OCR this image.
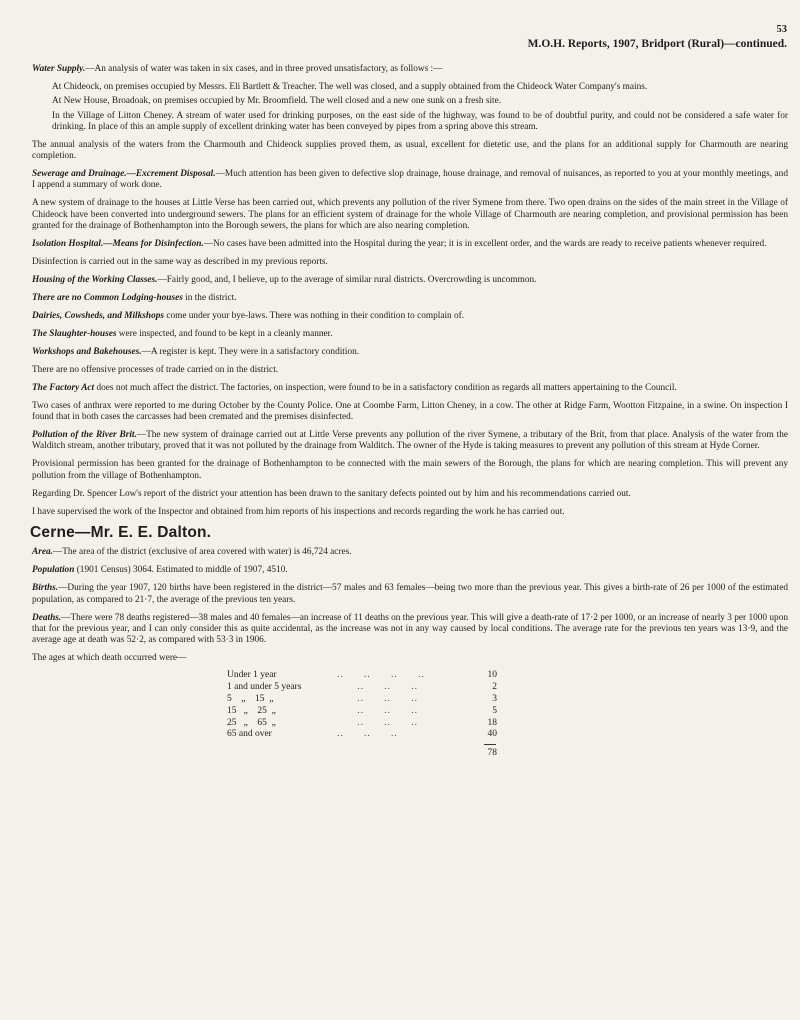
53
M.O.H. Reports, 1907, Bridport (Rural)—continued.

Water Supply.—An analysis of water was taken in six cases, and in three proved unsatisfactory, as follows :—

At Chideock, on premises occupied by Messrs. Eli Bartlett & Treacher. The well was closed, and a supply obtained from the Chideock Water Company's mains.

At New House, Broadoak, on premises occupied by Mr. Broomfield. The well closed and a new one sunk on a fresh site.

In the Village of Litton Cheney. A stream of water used for drinking purposes, on the east side of the highway, was found to be of doubtful purity, and could not be considered a safe water for drinking. In place of this an ample supply of excellent drinking water has been conveyed by pipes from a spring above this stream.

The annual analysis of the waters from the Charmouth and Chideock supplies proved them, as usual, excellent for dietetic use, and the plans for an additional supply for Charmouth are nearing completion.

Sewerage and Drainage.—Excrement Disposal.—Much attention has been given to defective slop drainage, house drainage, and removal of nuisances, as reported to you at your monthly meetings, and I append a summary of work done.

A new system of drainage to the houses at Little Verse has been carried out, which prevents any pollution of the river Symene from there. Two open drains on the sides of the main street in the Village of Chideock have been converted into underground sewers. The plans for an efficient system of drainage for the whole Village of Charmouth are nearing completion, and provisional permission has been granted for the drainage of Bothenhampton into the Borough sewers, the plans for which are also nearing completion.

Isolation Hospital.—Means for Disinfection.—No cases have been admitted into the Hospital during the year; it is in excellent order, and the wards are ready to receive patients whenever required.

Disinfection is carried out in the same way as described in my previous reports.

Housing of the Working Classes.—Fairly good, and, I believe, up to the average of similar rural districts. Overcrowding is uncommon.

There are no Common Lodging-houses in the district.

Dairies, Cowsheds, and Milkshops come under your bye-laws. There was nothing in their condition to complain of.

The Slaughter-houses were inspected, and found to be kept in a cleanly manner.

Workshops and Bakehouses.—A register is kept. They were in a satisfactory condition.

There are no offensive processes of trade carried on in the district.

The Factory Act does not much affect the district. The factories, on inspection, were found to be in a satisfactory condition as regards all matters appertaining to the Council.

Two cases of anthrax were reported to me during October by the County Police. One at Coombe Farm, Litton Cheney, in a cow. The other at Ridge Farm, Wootton Fitzpaine, in a swine. On inspection I found that in both cases the carcasses had been cremated and the premises disinfected.

Pollution of the River Brit.—The new system of drainage carried out at Little Verse prevents any pollution of the river Symene, a tributary of the Brit, from that place. Analysis of the water from the Walditch stream, another tributary, proved that it was not polluted by the drainage from Walditch. The owner of the Hyde is taking measures to prevent any pollution of this stream at Hyde Corner.

Provisional permission has been granted for the drainage of Bothenhampton to be connected with the main sewers of the Borough, the plans for which are nearing completion. This will prevent any pollution from the village of Bothenhampton.

Regarding Dr. Spencer Low's report of the district your attention has been drawn to the sanitary defects pointed out by him and his recommendations carried out.

I have supervised the work of the Inspector and obtained from him reports of his inspections and records regarding the work he has carried out.

Cerne—Mr. E. E. Dalton.

Area.—The area of the district (exclusive of area covered with water) is 46,724 acres.

Population (1901 Census) 3064. Estimated to middle of 1907, 4510.

Births.—During the year 1907, 120 births have been registered in the district—57 males and 63 females—being two more than the previous year. This gives a birth-rate of 26 per 1000 of the estimated population, as compared to 21·7, the average of the previous ten years.

Deaths.—There were 78 deaths registered—38 males and 40 females—an increase of 11 deaths on the previous year. This will give a death-rate of 17·2 per 1000, or an increase of nearly 3 per 1000 upon that for the previous year, and I can only consider this as quite accidental, as the increase was not in any way caused by local conditions. The average rate for the previous ten years was 13·9, and the average age at death was 52·2, as compared with 53·3 in 1906.

The ages at which death occurred were—

Under 1 year	..      ..      ..      ..	10
1 and under 5 years	..      ..      ..	2
5    „    15  „	..      ..      ..	3
15   „    25  „	..      ..      ..	5
25   „    65  „	..      ..      ..	18
65 and over	..      ..      ..	40
78
